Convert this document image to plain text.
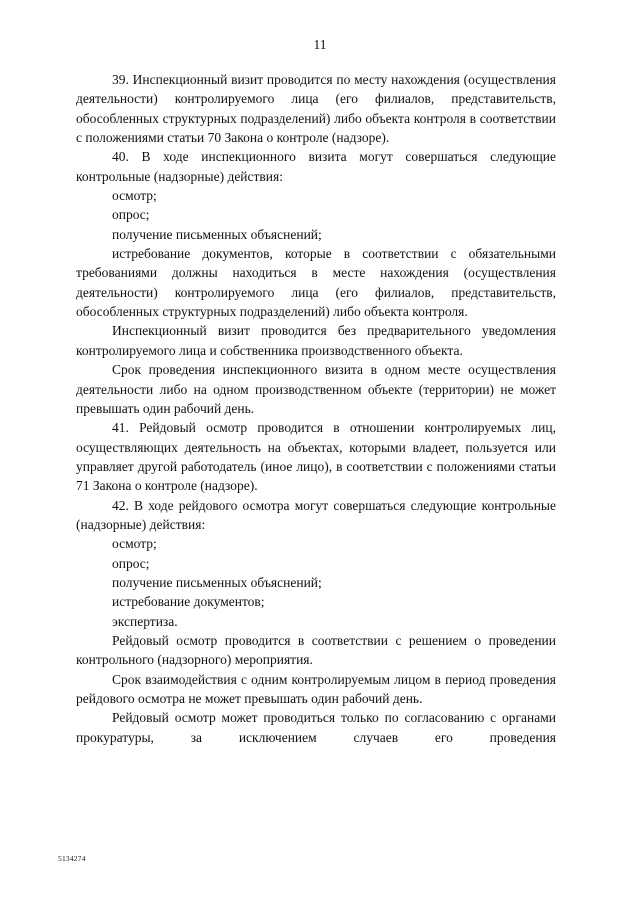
11

39. Инспекционный визит проводится по месту нахождения (осуществления деятельности) контролируемого лица (его филиалов, представительств, обособленных структурных подразделений) либо объекта контроля в соответствии с положениями статьи 70 Закона о контроле (надзоре).

40. В ходе инспекционного визита могут совершаться следующие контрольные (надзорные) действия:

осмотр;

опрос;

получение письменных объяснений;

истребование документов, которые в соответствии с обязательными требованиями должны находиться в месте нахождения (осуществления деятельности) контролируемого лица (его филиалов, представительств, обособленных структурных подразделений) либо объекта контроля.

Инспекционный визит проводится без предварительного уведомления контролируемого лица и собственника производственного объекта.

Срок проведения инспекционного визита в одном месте осуществления деятельности либо на одном производственном объекте (территории) не может превышать один рабочий день.

41. Рейдовый осмотр проводится в отношении контролируемых лиц, осуществляющих деятельность на объектах, которыми владеет, пользуется или управляет другой работодатель (иное лицо), в соответствии с положениями статьи 71 Закона о контроле (надзоре).

42. В ходе рейдового осмотра могут совершаться следующие контрольные (надзорные) действия:

осмотр;

опрос;

получение письменных объяснений;

истребование документов;

экспертиза.

Рейдовый осмотр проводится в соответствии с решением о проведении контрольного (надзорного) мероприятия.

Срок взаимодействия с одним контролируемым лицом в период проведения рейдового осмотра не может превышать один рабочий день.

Рейдовый осмотр может проводиться только по согласованию с органами прокуратуры, за исключением случаев его проведения

5134274
